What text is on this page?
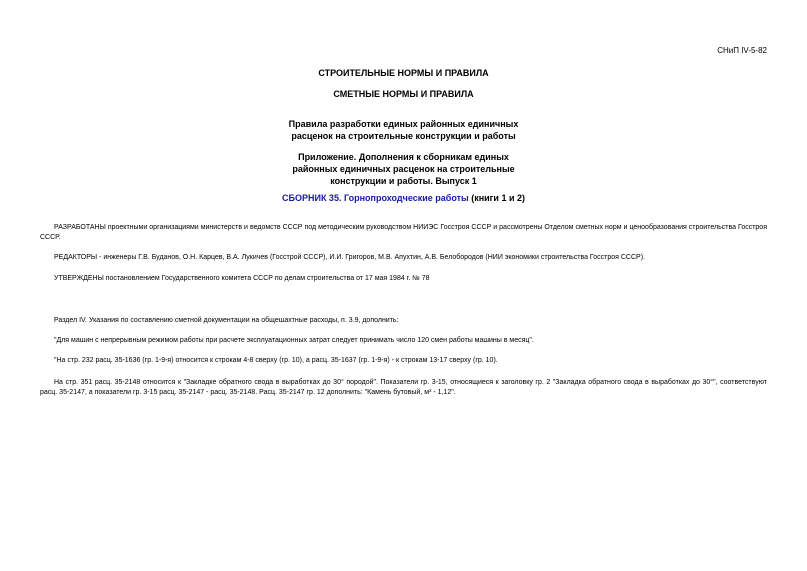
СНиП IV-5-82
СТРОИТЕЛЬНЫЕ НОРМЫ И ПРАВИЛА
СМЕТНЫЕ НОРМЫ И ПРАВИЛА
Правила разработки единых районных единичных
расценок на строительные конструкции и работы
Приложение. Дополнения к сборникам единых
районных единичных расценок на строительные
конструкции и работы. Выпуск 1
СБОРНИК 35. Горнопроходческие работы (книги 1 и 2)
РАЗРАБОТАНЫ проектными организациями министерств и ведомств СССР под методическим руководством НИИЭС Госстроя СССР и рассмотрены Отделом сметных норм и ценообразования строительства Госстроя СССР.
РЕДАКТОРЫ - инженеры Г.В. Буданов, О.Н. Карцев, В.А. Лукичев (Госстрой СССР), И.И. Григоров, М.В. Апухтин, А.В. Белобородов (НИИ экономики строительства Госстроя СССР).
УТВЕРЖДЕНЫ постановлением Государственного комитета СССР по делам строительства от 17 мая 1984 г. № 78
Раздел IV. Указания по составлению сметной документации на общешахтные расходы, п. 3.9, дополнить:
"Для машин с непрерывным режимом работы при расчете эксплуатационных затрат следует принимать число 120 смен работы машины в месяц".
"На стр. 232 расц. 35-1636 (гр. 1-9-я) относится к строкам 4-8 сверху (гр. 10), а расц. 35-1637 (гр. 1-9-я) - к строкам 13-17 сверху (гр. 10).
На стр. 351 расц. 35-2148 относится к "Закладке обратного свода в выработках до 30° породой". Показатели гр. 3-15, относящиеся к заголовку гр. 2 "Закладка обратного свода в выработках до 30°", соответствуют расц. 35-2147, а показатели гр. 3-15 расц. 35-2147 - расц. 35-2148. Расц. 35-2147 гр. 12 дополнить: "Камень бутовый, м³ - 1,12".
